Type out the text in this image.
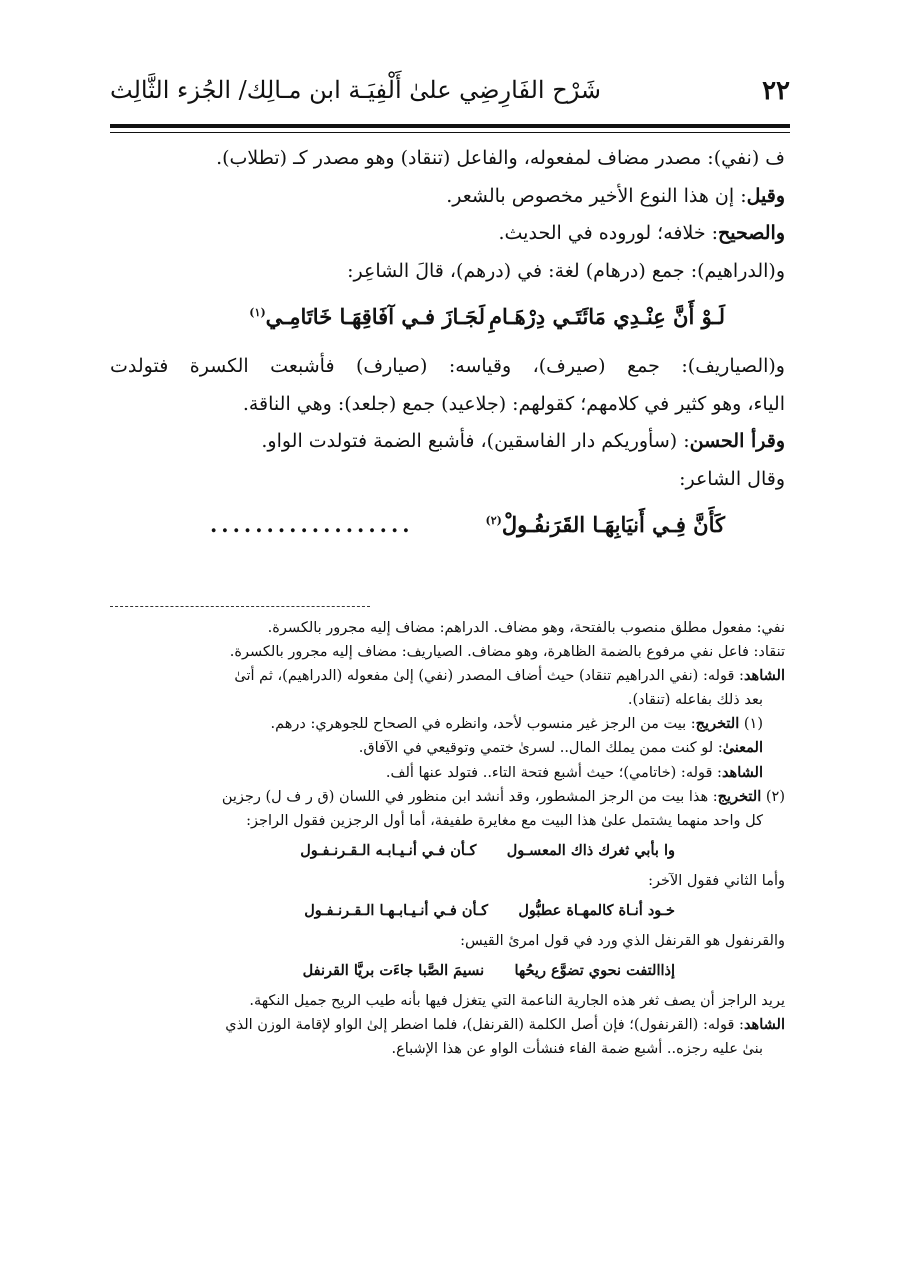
٢٢
شَرْح الفَارِضِي علىٰ أَلْفِيَـة ابن مـالِك/ الجُزء الثَّالِث
ف (نفي): مصدر مضاف لمفعوله، والفاعل (تنقاد) وهو مصدر كـ (تطلاب).
وقيل: إن هذا النوع الأخير مخصوص بالشعر.
والصحيح: خلافه؛ لوروده في الحديث.
و(الدراهيم): جمع (درهام) لغة: في (درهم)، قالَ الشاعِر:
لَـوْ أَنَّ عِنْـدِي مَائَتَـي دِرْهَـامِ
لَجَـازَ فـي آفَاقِهَـا خَاتَامِـي$^{(١)}$
و(الصياريف): جمع (صيرف)، وقياسه: (صيارف) فأشبعت الكسرة فتولدت
الياء، وهو كثير في كلامهم؛ كقولهم: (جلاعيد) جمع (جلعد): وهي الناقة.
وقرأ الحسن: (سأوريكم دار الفاسقين)، فأشبع الضمة فتولدت الواو.
وقال الشاعر:
كَأَنَّ فِـي أَنيَابِهَـا القَرَنفُـولْ$^{(٢)}$
..................
نفي: مفعول مطلق منصوب بالفتحة، وهو مضاف. الدراهم: مضاف إليه مجرور بالكسرة.
تنقاد: فاعل نفي مرفوع بالضمة الظاهرة، وهو مضاف. الصياريف: مضاف إليه مجرور بالكسرة.
الشاهد: قوله: (نفي الدراهيم تنقاد) حيث أضاف المصدر (نفي) إلىٰ مفعوله (الدراهيم)، ثم أتىٰ
بعد ذلك بفاعله (تنقاد).
(١) التخريج: بيت من الرجز غير منسوب لأحد، وانظره في الصحاح للجوهري: درهم.
المعنىٰ: لو كنت ممن يملك المال.. لسرىٰ ختمي وتوقيعي في الآفاق.
الشاهد: قوله: (خاتامي)؛ حيث أشبع فتحة التاء.. فتولد عنها ألف.
(٢) التخريج: هذا بيت من الرجز المشطور، وقد أنشد ابن منظور في اللسان (ق ر ف ل) رجزين
كل واحد منهما يشتمل علىٰ هذا البيت مع مغايرة طفيفة، أما أول الرجزين فقول الراجز:
وا بأبي ثغرك ذاك المعسـول      كـأن فـي أنـيـابـه الـقـرنـفـول
وأما الثاني فقول الآخر:
خـود أنـاة كالمهـاة عطبُّول      كـأن فـي أنـيـابـهـا الـقـرنـفـول
والقرنفول هو القرنفل الذي ورد في قول امرئ القيس:
إذاالتفت نحوي تضوَّع ريحُها      نسيمَ الصَّبا جاءَت بريَّا القرنفل
يريد الراجز أن يصف ثغر هذه الجارية الناعمة التي يتغزل فيها بأنه طيب الريح جميل النكهة.
الشاهد: قوله: (القرنفول)؛ فإن أصل الكلمة (القرنفل)، فلما اضطر إلىٰ الواو لإقامة الوزن الذي
بنىٰ عليه رجزه.. أشبع ضمة الفاء فنشأت الواو عن هذا الإشباع.
